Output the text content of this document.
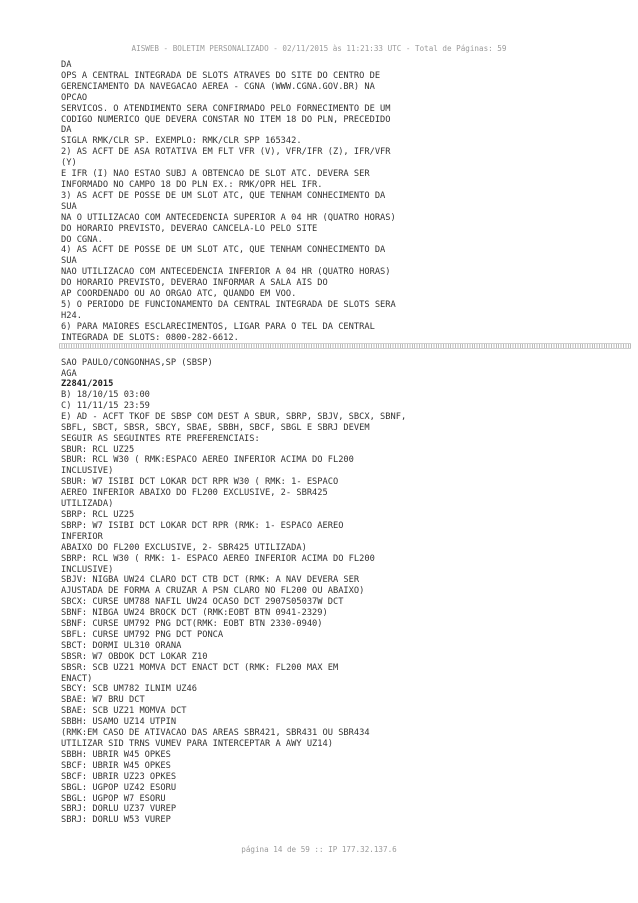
AISWEB - BOLETIM PERSONALIZADO - 02/11/2015 às 11:21:33 UTC - Total de Páginas: 59
DA
OPS A CENTRAL INTEGRADA DE SLOTS ATRAVES DO SITE DO CENTRO DE
GERENCIAMENTO DA NAVEGACAO AEREA - CGNA (WWW.CGNA.GOV.BR) NA
OPCAO
SERVICOS. O ATENDIMENTO SERA CONFIRMADO PELO FORNECIMENTO DE UM
CODIGO NUMERICO QUE DEVERA CONSTAR NO ITEM 18 DO PLN, PRECEDIDO
DA
SIGLA RMK/CLR SP. EXEMPLO: RMK/CLR SPP 165342.
2) AS ACFT DE ASA ROTATIVA EM FLT VFR (V), VFR/IFR (Z), IFR/VFR
(Y)
E IFR (I) NAO ESTAO SUBJ A OBTENCAO DE SLOT ATC. DEVERA SER
INFORMADO NO CAMPO 18 DO PLN EX.: RMK/OPR HEL IFR.
3) AS ACFT DE POSSE DE UM SLOT ATC, QUE TENHAM CONHECIMENTO DA
SUA
NA O UTILIZACAO COM ANTECEDENCIA SUPERIOR A 04 HR (QUATRO HORAS)
DO HORARIO PREVISTO, DEVERAO CANCELA-LO PELO SITE
DO CGNA.
4) AS ACFT DE POSSE DE UM SLOT ATC, QUE TENHAM CONHECIMENTO DA
SUA
NAO UTILIZACAO COM ANTECEDENCIA INFERIOR A 04 HR (QUATRO HORAS)
DO HORARIO PREVISTO, DEVERAO INFORMAR A SALA AIS DO
AP COORDENADO OU AO ORGAO ATC, QUANDO EM VOO.
5) O PERIODO DE FUNCIONAMENTO DA CENTRAL INTEGRADA DE SLOTS SERA
H24.
6) PARA MAIORES ESCLARECIMENTOS, LIGAR PARA O TEL DA CENTRAL
INTEGRADA DE SLOTS: 0800-282-6612.
SAO PAULO/CONGONHAS,SP (SBSP)
AGA
Z2841/2015
B) 18/10/15 03:00
C) 11/11/15 23:59
E) AD - ACFT TKOF DE SBSP COM DEST A SBUR, SBRP, SBJV, SBCX, SBNF,
SBFL, SBCT, SBSR, SBCY, SBAE, SBBH, SBCF, SBGL E SBRJ DEVEM
SEGUIR AS SEGUINTES RTE PREFERENCIAIS:
SBUR: RCL UZ25
SBUR: RCL W30 ( RMK:ESPACO AEREO INFERIOR ACIMA DO FL200
INCLUSIVE)
SBUR: W7 ISIBI DCT LOKAR DCT RPR W30 ( RMK: 1- ESPACO
AEREO INFERIOR ABAIXO DO FL200 EXCLUSIVE, 2- SBR425
UTILIZADA)
SBRP: RCL UZ25
SBRP: W7 ISIBI DCT LOKAR DCT RPR (RMK: 1- ESPACO AEREO
INFERIOR
ABAIXO DO FL200 EXCLUSIVE, 2- SBR425 UTILIZADA)
SBRP: RCL W30 ( RMK: 1- ESPACO AEREO INFERIOR ACIMA DO FL200
INCLUSIVE)
SBJV: NIGBA UW24 CLARO DCT CTB DCT (RMK: A NAV DEVERA SER
AJUSTADA DE FORMA A CRUZAR A PSN CLARO NO FL200 OU ABAIXO)
SBCX: CURSE UM788 NAFIL UW24 OCASO DCT 2907S05037W DCT
SBNF: NIBGA UW24 BROCK DCT (RMK:EOBT BTN 0941-2329)
SBNF: CURSE UM792 PNG DCT(RMK: EOBT BTN 2330-0940)
SBFL: CURSE UM792 PNG DCT PONCA
SBCT: DORMI UL310 ORANA
SBSR: W7 OBDOK DCT LOKAR Z10
SBSR: SCB UZ21 MOMVA DCT ENACT DCT (RMK: FL200 MAX EM
ENACT)
SBCY: SCB UM782 ILNIM UZ46
SBAE: W7 BRU DCT
SBAE: SCB UZ21 MOMVA DCT
SBBH: USAMO UZ14 UTPIN
(RMK:EM CASO DE ATIVACAO DAS AREAS SBR421, SBR431 OU SBR434
UTILIZAR SID TRNS VUMEV PARA INTERCEPTAR A AWY UZ14)
SBBH: UBRIR W45 OPKES
SBCF: UBRIR W45 OPKES
SBCF: UBRIR UZ23 OPKES
SBGL: UGPOP UZ42 ESORU
SBGL: UGPOP W7 ESORU
SBRJ: DORLU UZ37 VUREP
SBRJ: DORLU W53 VUREP
página 14 de 59 :: IP 177.32.137.6
